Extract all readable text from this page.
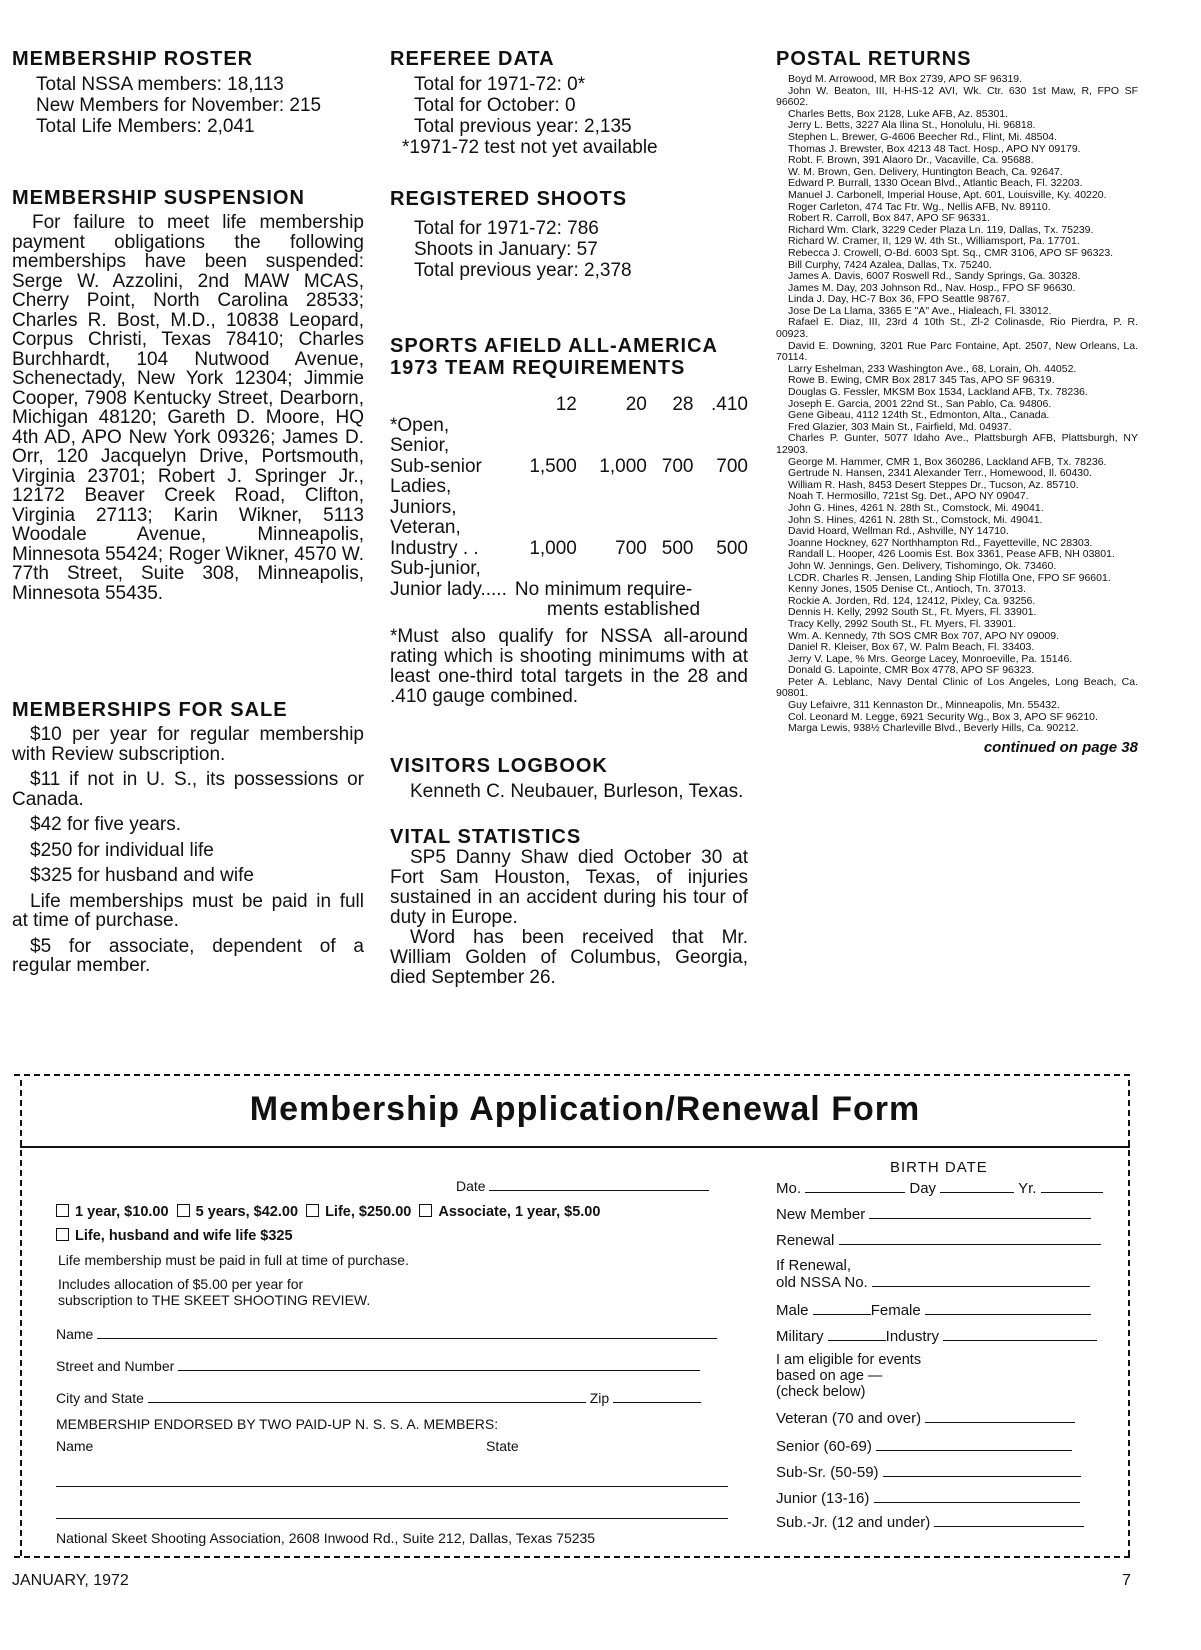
MEMBERSHIP ROSTER
Total NSSA members: 18,113
New Members for November: 215
Total Life Members: 2,041
MEMBERSHIP SUSPENSION

For failure to meet life membership payment obligations the following memberships have been suspended: Serge W. Azzolini, 2nd MAW MCAS, Cherry Point, North Carolina 28533; Charles R. Bost, M.D., 10838 Leopard, Corpus Christi, Texas 78410; Charles Burchhardt, 104 Nutwood Avenue, Schenectady, New York 12304; Jimmie Cooper, 7908 Kentucky Street, Dearborn, Michigan 48120; Gareth D. Moore, HQ 4th AD, APO New York 09326; James D. Orr, 120 Jacquelyn Drive, Portsmouth, Virginia 23701; Robert J. Springer Jr., 12172 Beaver Creek Road, Clifton, Virginia 27113; Karin Wikner, 5113 Woodale Avenue, Minneapolis, Minnesota 55424; Roger Wikner, 4570 W. 77th Street, Suite 308, Minneapolis, Minnesota 55435.

MEMBERSHIPS FOR SALE

$10 per year for regular membership with Review subscription.

$11 if not in U. S., its possessions or Canada.

$42 for five years.

$250 for individual life

$325 for husband and wife

Life memberships must be paid in full at time of purchase.

$5 for associate, dependent of a regular member.

REFEREE DATA
Total for 1971-72: 0*
Total for October: 0
Total previous year: 2,135
*1971-72 test not yet available
REGISTERED SHOOTS
Total for 1971-72: 786
Shoots in January: 57
Total previous year: 2,378
SPORTS AFIELD ALL-AMERICA
1973 TEAM REQUIREMENTS
	12	20	28	.410
*Open,				
Senior,				
Sub-senior	1,500	1,000	700	700
Ladies,				
Juniors,				
Veteran,				
Industry . .	1,000	700	500	500
Sub-junior,				
Junior lady.....	No minimum require-			
	ments established			

*Must also qualify for NSSA all-around rating which is shooting minimums with at least one-third total targets in the 28 and .410 gauge combined.

VISITORS LOGBOOK

Kenneth C. Neubauer, Burleson, Texas.

VITAL STATISTICS

SP5 Danny Shaw died October 30 at Fort Sam Houston, Texas, of injuries sustained in an accident during his tour of duty in Europe.

Word has been received that Mr. William Golden of Columbus, Georgia, died September 26.

POSTAL RETURNS
Boyd M. Arrowood, MR Box 2739, APO SF 96319.
John W. Beaton, III, H-HS-12 AVI, Wk. Ctr. 630 1st Maw, R, FPO SF 96602.
Charles Betts, Box 2128, Luke AFB, Az. 85301.
Jerry L. Betts, 3227 Ala Ilina St., Honolulu, Hi. 96818.
Stephen L. Brewer, G-4606 Beecher Rd., Flint, Mi. 48504.
Thomas J. Brewster, Box 4213 48 Tact. Hosp., APO NY 09179.
Robt. F. Brown, 391 Alaoro Dr., Vacaville, Ca. 95688.
W. M. Brown, Gen. Delivery, Huntington Beach, Ca. 92647.
Edward P. Burrall, 1330 Ocean Blvd., Atlantic Beach, Fl. 32203.
Manuel J. Carbonell, Imperial House, Apt. 601, Louisville, Ky. 40220.
Roger Carleton, 474 Tac Ftr. Wg., Nellis AFB, Nv. 89110.
Robert R. Carroll, Box 847, APO SF 96331.
Richard Wm. Clark, 3229 Ceder Plaza Ln. 119, Dallas, Tx. 75239.
Richard W. Cramer, II, 129 W. 4th St., Williamsport, Pa. 17701.
Rebecca J. Crowell, O-Bd. 6003 Spt. Sq., CMR 3106, APO SF 96323.
Bill Curphy, 7424 Azalea, Dallas, Tx. 75240.
James A. Davis, 6007 Roswell Rd., Sandy Springs, Ga. 30328.
James M. Day, 203 Johnson Rd., Nav. Hosp., FPO SF 96630.
Linda J. Day, HC-7 Box 36, FPO Seattle 98767.
Jose De La Llama, 3365 E "A" Ave., Hialeach, Fl. 33012.
Rafael E. Diaz, III, 23rd 4 10th St., Zl-2 Colinasde, Rio Pierdra, P. R. 00923.
David E. Downing, 3201 Rue Parc Fontaine, Apt. 2507, New Orleans, La. 70114.
Larry Eshelman, 233 Washington Ave., 68, Lorain, Oh. 44052.
Rowe B. Ewing, CMR Box 2817 345 Tas, APO SF 96319.
Douglas G. Fessler, MKSM Box 1534, Lackland AFB, Tx. 78236.
Joseph E. Garcia, 2001 22nd St., San Pablo, Ca. 94806.
Gene Gibeau, 4112 124th St., Edmonton, Alta., Canada.
Fred Glazier, 303 Main St., Fairfield, Md. 04937.
Charles P. Gunter, 5077 Idaho Ave., Plattsburgh AFB, Plattsburgh, NY 12903.
George M. Hammer, CMR 1, Box 360286, Lackland AFB, Tx. 78236.
Gertrude N. Hansen, 2341 Alexander Terr., Homewood, Il. 60430.
William R. Hash, 8453 Desert Steppes Dr., Tucson, Az. 85710.
Noah T. Hermosillo, 721st Sg. Det., APO NY 09047.
John G. Hines, 4261 N. 28th St., Comstock, Mi. 49041.
John S. Hines, 4261 N. 28th St., Comstock, Mi. 49041.
David Hoard, Wellman Rd., Ashville, NY 14710.
Joanne Hockney, 627 Northhampton Rd., Fayetteville, NC 28303.
Randall L. Hooper, 426 Loomis Est. Box 3361, Pease AFB, NH 03801.
John W. Jennings, Gen. Delivery, Tishomingo, Ok. 73460.
LCDR. Charles R. Jensen, Landing Ship Flotilla One, FPO SF 96601.
Kenny Jones, 1505 Denise Ct., Antioch, Tn. 37013.
Rockie A. Jorden, Rd. 124, 12412, Pixley, Ca. 93256.
Dennis H. Kelly, 2992 South St., Ft. Myers, Fl. 33901.
Tracy Kelly, 2992 South St., Ft. Myers, Fl. 33901.
Wm. A. Kennedy, 7th SOS CMR Box 707, APO NY 09009.
Daniel R. Kleiser, Box 67, W. Palm Beach, Fl. 33403.
Jerry V. Lape, % Mrs. George Lacey, Monroeville, Pa. 15146.
Donald G. Lapointe, CMR Box 4778, APO SF 96323.
Peter A. Leblanc, Navy Dental Clinic of Los Angeles, Long Beach, Ca. 90801.
Guy Lefaivre, 311 Kennaston Dr., Minneapolis, Mn. 55432.
Col. Leonard M. Legge, 6921 Security Wg., Box 3, APO SF 96210.
Marga Lewis, 938½ Charleville Blvd., Beverly Hills, Ca. 90212.
continued on page 38
Membership Application/Renewal Form
Date
1 year, $10.00 5 years, $42.00 Life, $250.00 Associate, 1 year, $5.00
Life, husband and wife life $325
Life membership must be paid in full at time of purchase.
Includes allocation of $5.00 per year for
subscription to THE SKEET SHOOTING REVIEW.
Name
Street and Number
City and State	Zip
MEMBERSHIP ENDORSED BY TWO PAID-UP N. S. S. A. MEMBERS:
Name	State
National Skeet Shooting Association, 2608 Inwood Rd., Suite 212, Dallas, Texas 75235
BIRTH DATE
Mo.	Day	Yr.
New Member
Renewal
If Renewal,
old NSSA No.
Male	Female
Military	Industry
I am eligible for events
based on age —
(check below)
Veteran (70 and over)
Senior (60-69)
Sub-Sr. (50-59)
Junior (13-16)
Sub.-Jr. (12 and under)
JANUARY, 1972	7
